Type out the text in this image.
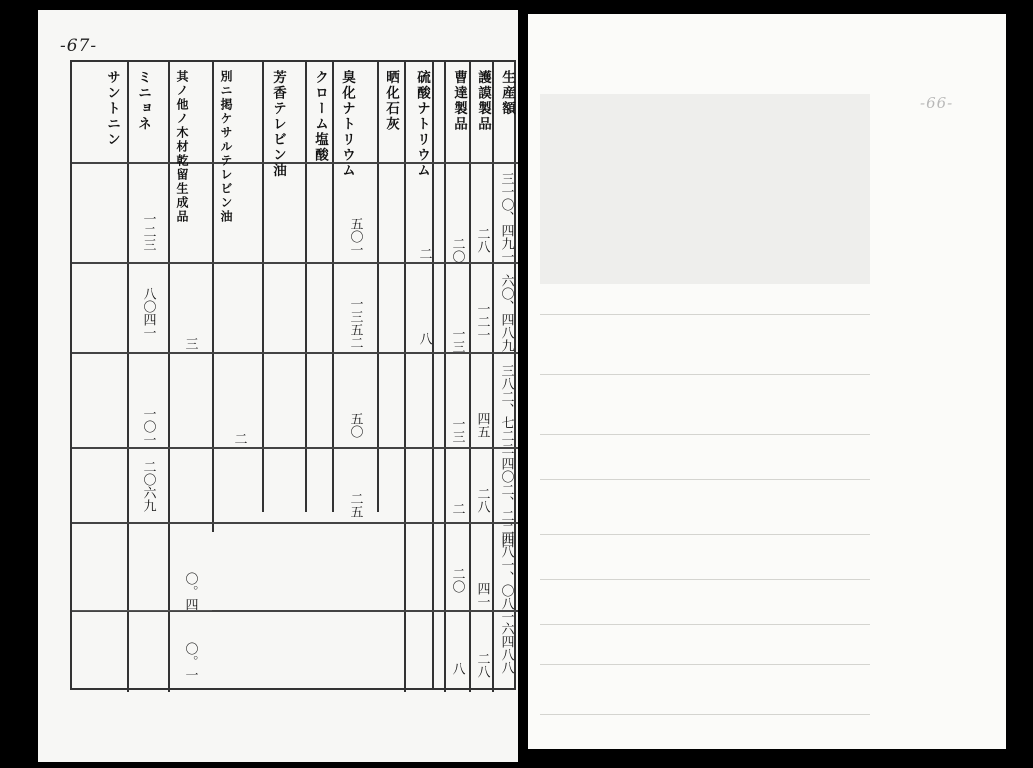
-67-
生産額
護謨製品
曹達製品
硫酸ナトリウム
晒化石灰
臭化ナトリウム
クローム塩酸
芳香テレビン油
別ニ掲ケサルテレビン油
其ノ他ノ木材乾留生成品
ミニョネ
サントニン
三一〇、四九一
六〇、四八九
三八二、七二二
四〇二、二二四
四八一、〇八一
六四八八
二八
一二一
四五
二八
四一
二八
二〇
一三
一三
二
二〇
八
二
八
五〇一
一三五二
五〇
二五
二
三
〇。四
〇。一
一二三
八〇四一
一〇一
二〇六九
-66-
